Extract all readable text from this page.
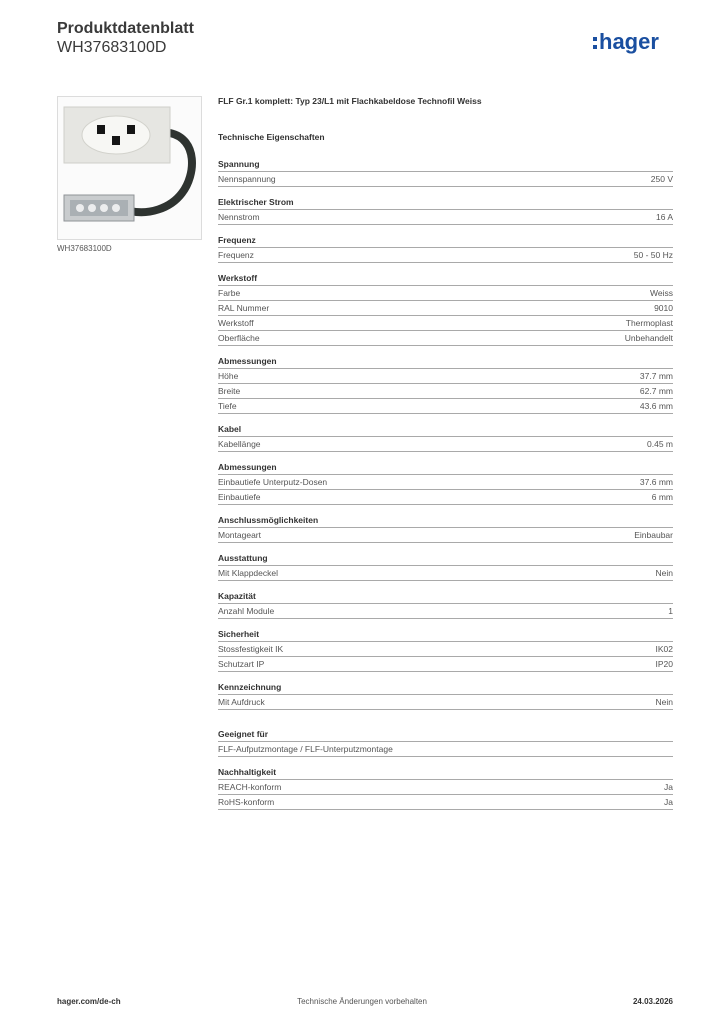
Produktdatenblatt
WH37683100D	hager
WH37683100D
FLF Gr.1 komplett: Typ 23/L1 mit Flachkabeldose Technofil Weiss
Technische Eigenschaften
Spannung
Nennspannung	250 V
Elektrischer Strom
Nennstrom	16 A
Frequenz
Frequenz	50 - 50 Hz
Werkstoff
Farbe	Weiss
RAL Nummer	9010
Werkstoff	Thermoplast
Oberfläche	Unbehandelt
Abmessungen
Höhe	37.7 mm
Breite	62.7 mm
Tiefe	43.6 mm
Kabel
Kabellänge	0.45 m
Abmessungen
Einbautiefe Unterputz-Dosen	37.6 mm
Einbautiefe	6 mm
Anschlussmöglichkeiten
Montageart	Einbaubar
Ausstattung
Mit Klappdeckel	Nein
Kapazität
Anzahl Module	1
Sicherheit
Stossfestigkeit IK	IK02
Schutzart IP	IP20
Kennzeichnung
Mit Aufdruck	Nein
Geeignet für
FLF-Aufputzmontage / FLF-Unterputzmontage
Nachhaltigkeit
REACH-konform	Ja
RoHS-konform	Ja
hager.com/de-ch	Technische Änderungen vorbehalten	24.03.2026
